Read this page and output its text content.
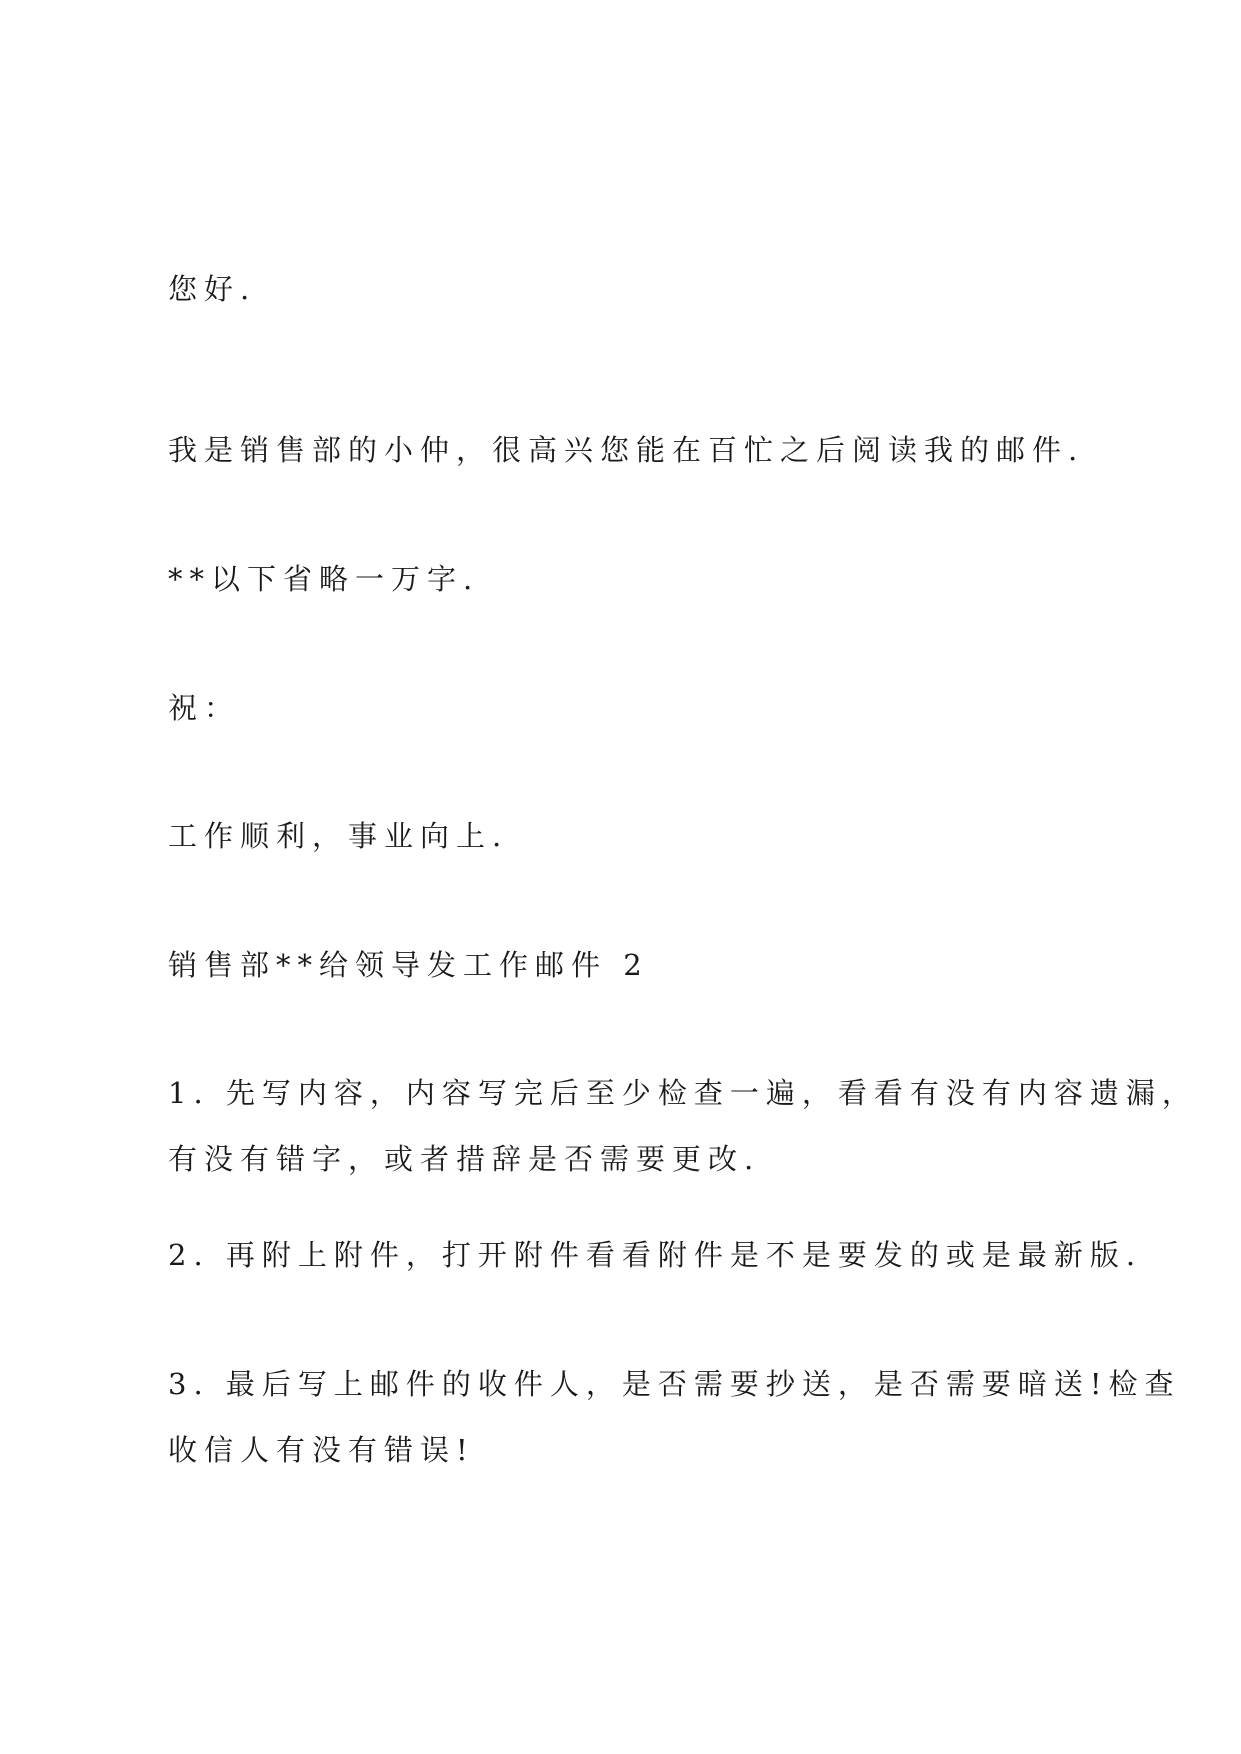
您好.

我是销售部的小仲，很高兴您能在百忙之后阅读我的邮件.

**以下省略一万字.

祝：

工作顺利，事业向上.

销售部**给领导发工作邮件 2

1. 先写内容，内容写完后至少检查一遍，看看有没有内容遗漏，
有没有错字，或者措辞是否需要更改.
2. 再附上附件，打开附件看看附件是不是要发的或是最新版.
3. 最后写上邮件的收件人，是否需要抄送，是否需要暗送!检查
收信人有没有错误!
